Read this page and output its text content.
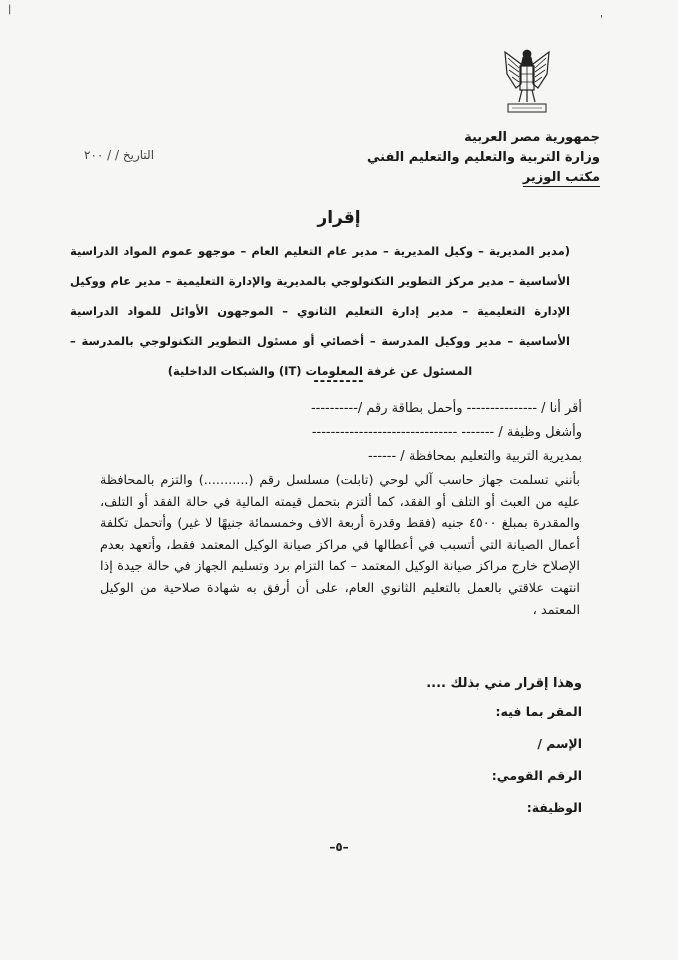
|
'
جمهورية مصر العربية
وزارة التربية والتعليم والتعليم الفني
مكتب الوزير
التاريخ / / ٢٠٠
إقرار
(مدير المديرية – وكيل المديرية – مدير عام التعليم العام – موجهو عموم المواد الدراسية الأساسية – مدير مركز التطوير التكنولوجي بالمديرية والإدارة التعليمية – مدير عام ووكيل الإدارة التعليمية – مدير إدارة التعليم الثانوي – الموجهون الأوائل للمواد الدراسية الأساسية – مدير ووكيل المدرسة – أخصائي أو مسئول التطوير التكنولوجي بالمدرسة – المسئول عن غرفة المعلومات (IT) والشبكات الداخلية)
--------
أقر أنا / --------------- وأحمل بطاقة رقم /----------
وأشغل وظيفة / ------- -------------------------------
بمديرية التربية والتعليم بمحافظة / ------
بأنني تسلمت جهاز حاسب آلي لوحي (تابلت) مسلسل رقم (...........) والتزم بالمحافظة عليه من العبث أو التلف أو الفقد، كما ألتزم بتحمل قيمته المالية في حالة الفقد أو التلف، والمقدرة بمبلغ ٤٥٠٠ جنيه (فقط وقدرة أربعة الاف وخمسمائة جنيهًا لا غير) وأتحمل تكلفة أعمال الصيانة التي أتسبب في أعطالها في مراكز صيانة الوكيل المعتمد فقط، وأتعهد بعدم الإصلاح خارج مراكز صيانة الوكيل المعتمد – كما التزام برد وتسليم الجهاز في حالة جيدة إذا انتهت علاقتي بالعمل بالتعليم الثانوي العام، على أن أرفق به شهادة صلاحية من الوكيل المعتمد ،
وهذا إقرار مني بذلك ....
المقر بما فيه:
الإسم /
الرقم القومي:
الوظيفة:
–٥–
